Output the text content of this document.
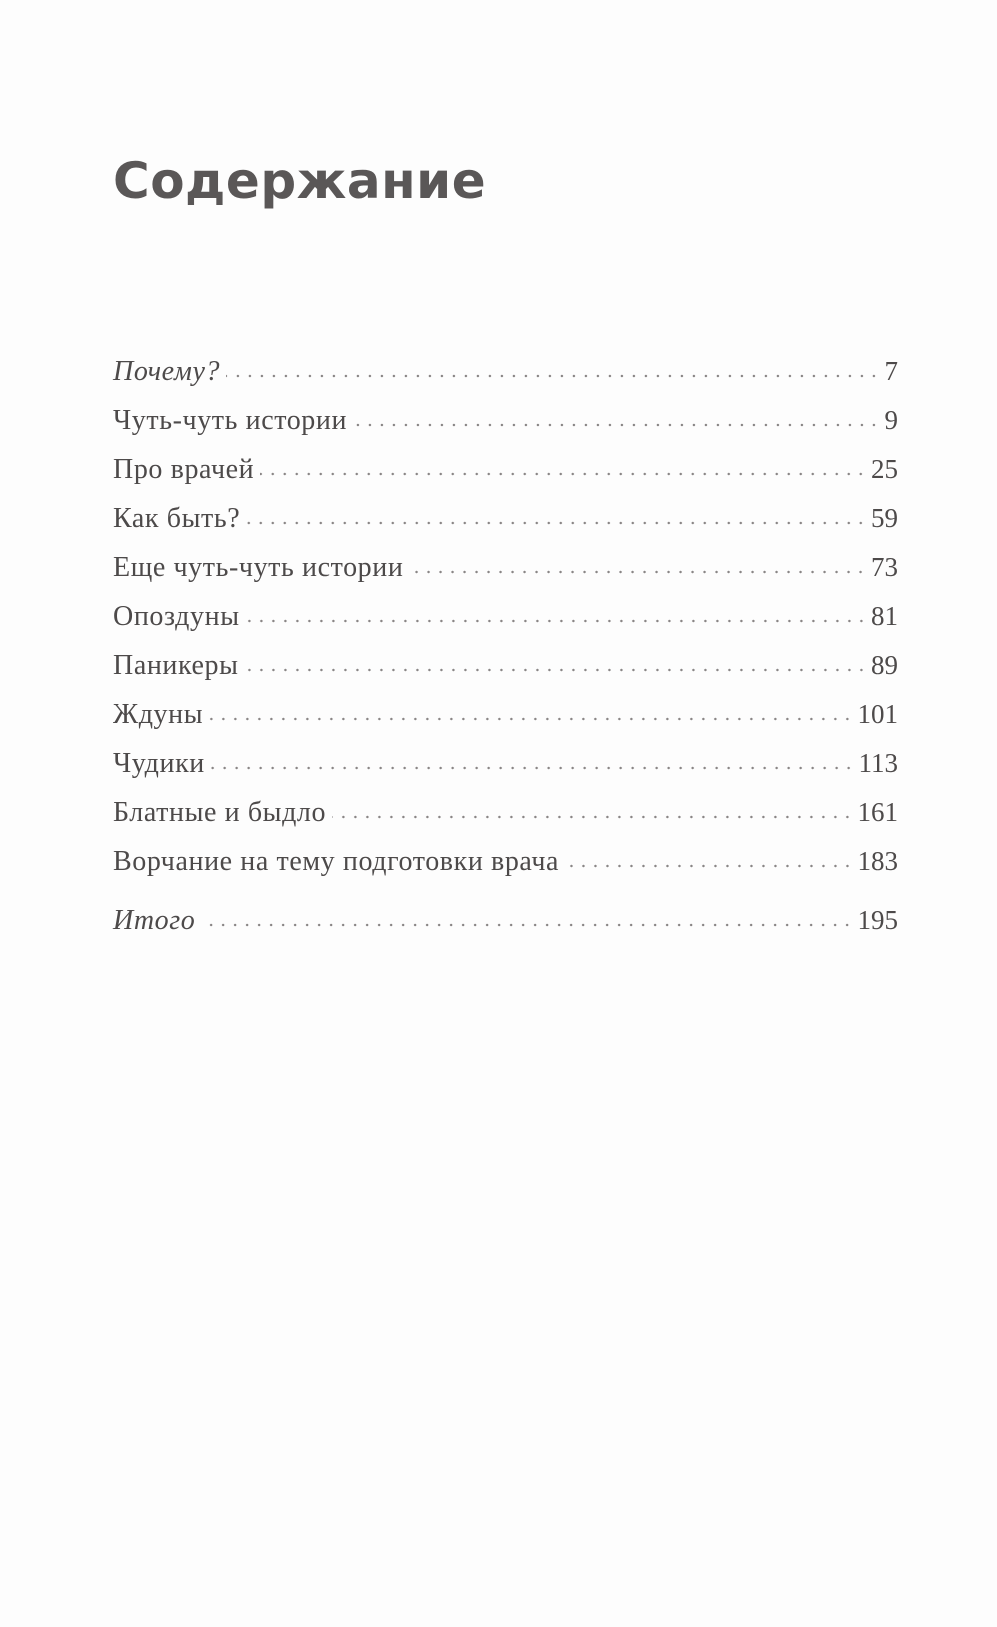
Содержание
Почему?	7
Чуть-чуть истории	9
Про врачей	25
Как быть?	59
Еще чуть-чуть истории	73
Опоздуны	81
Паникеры	89
Ждуны	101
Чудики	113
Блатные и быдло	161
Ворчание на тему подготовки врача	183
Итого	195
